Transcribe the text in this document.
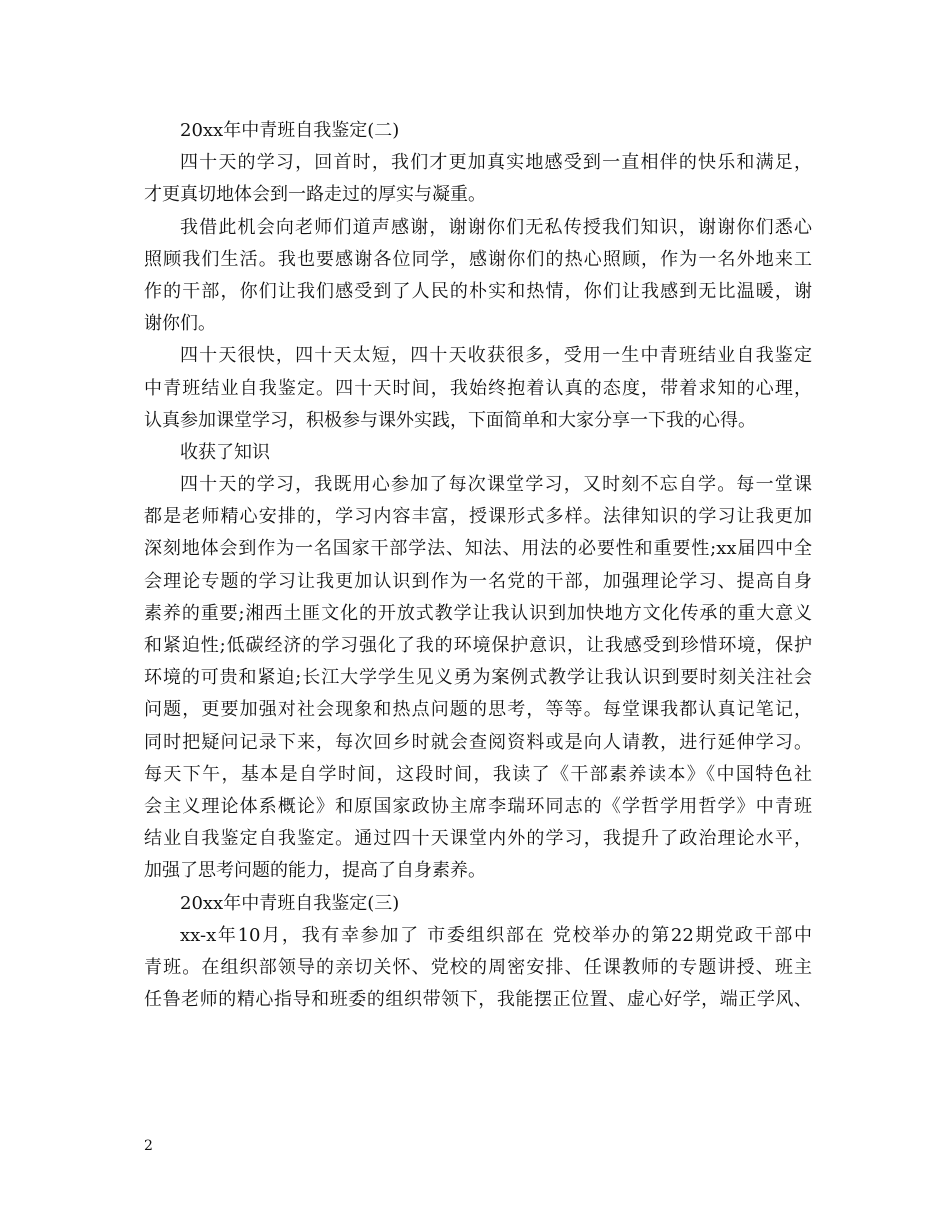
20xx年中青班自我鉴定(二)
四十天的学习，回首时，我们才更加真实地感受到一直相伴的快乐和满足，
才更真切地体会到一路走过的厚实与凝重。
我借此机会向老师们道声感谢，谢谢你们无私传授我们知识，谢谢你们悉心
照顾我们生活。我也要感谢各位同学，感谢你们的热心照顾，作为一名外地来工
作的干部，你们让我们感受到了人民的朴实和热情，你们让我感到无比温暖，谢
谢你们。
四十天很快，四十天太短，四十天收获很多，受用一生中青班结业自我鉴定
中青班结业自我鉴定。四十天时间，我始终抱着认真的态度，带着求知的心理，
认真参加课堂学习，积极参与课外实践，下面简单和大家分享一下我的心得。
收获了知识
四十天的学习，我既用心参加了每次课堂学习，又时刻不忘自学。每一堂课
都是老师精心安排的，学习内容丰富，授课形式多样。法律知识的学习让我更加
深刻地体会到作为一名国家干部学法、知法、用法的必要性和重要性;xx届四中全
会理论专题的学习让我更加认识到作为一名党的干部，加强理论学习、提高自身
素养的重要;湘西土匪文化的开放式教学让我认识到加快地方文化传承的重大意义
和紧迫性;低碳经济的学习强化了我的环境保护意识，让我感受到珍惜环境，保护
环境的可贵和紧迫;长江大学学生见义勇为案例式教学让我认识到要时刻关注社会
问题，更要加强对社会现象和热点问题的思考，等等。每堂课我都认真记笔记，
同时把疑问记录下来，每次回乡时就会查阅资料或是向人请教，进行延伸学习。
每天下午，基本是自学时间，这段时间，我读了《干部素养读本》《中国特色社
会主义理论体系概论》和原国家政协主席李瑞环同志的《学哲学用哲学》中青班
结业自我鉴定自我鉴定。通过四十天课堂内外的学习，我提升了政治理论水平，
加强了思考问题的能力，提高了自身素养。
20xx年中青班自我鉴定(三)
xx-x年10月，我有幸参加了 市委组织部在 党校举办的第22期党政干部中
青班。在组织部领导的亲切关怀、党校的周密安排、任课教师的专题讲授、班主
任鲁老师的精心指导和班委的组织带领下，我能摆正位置、虚心好学，端正学风、
2
